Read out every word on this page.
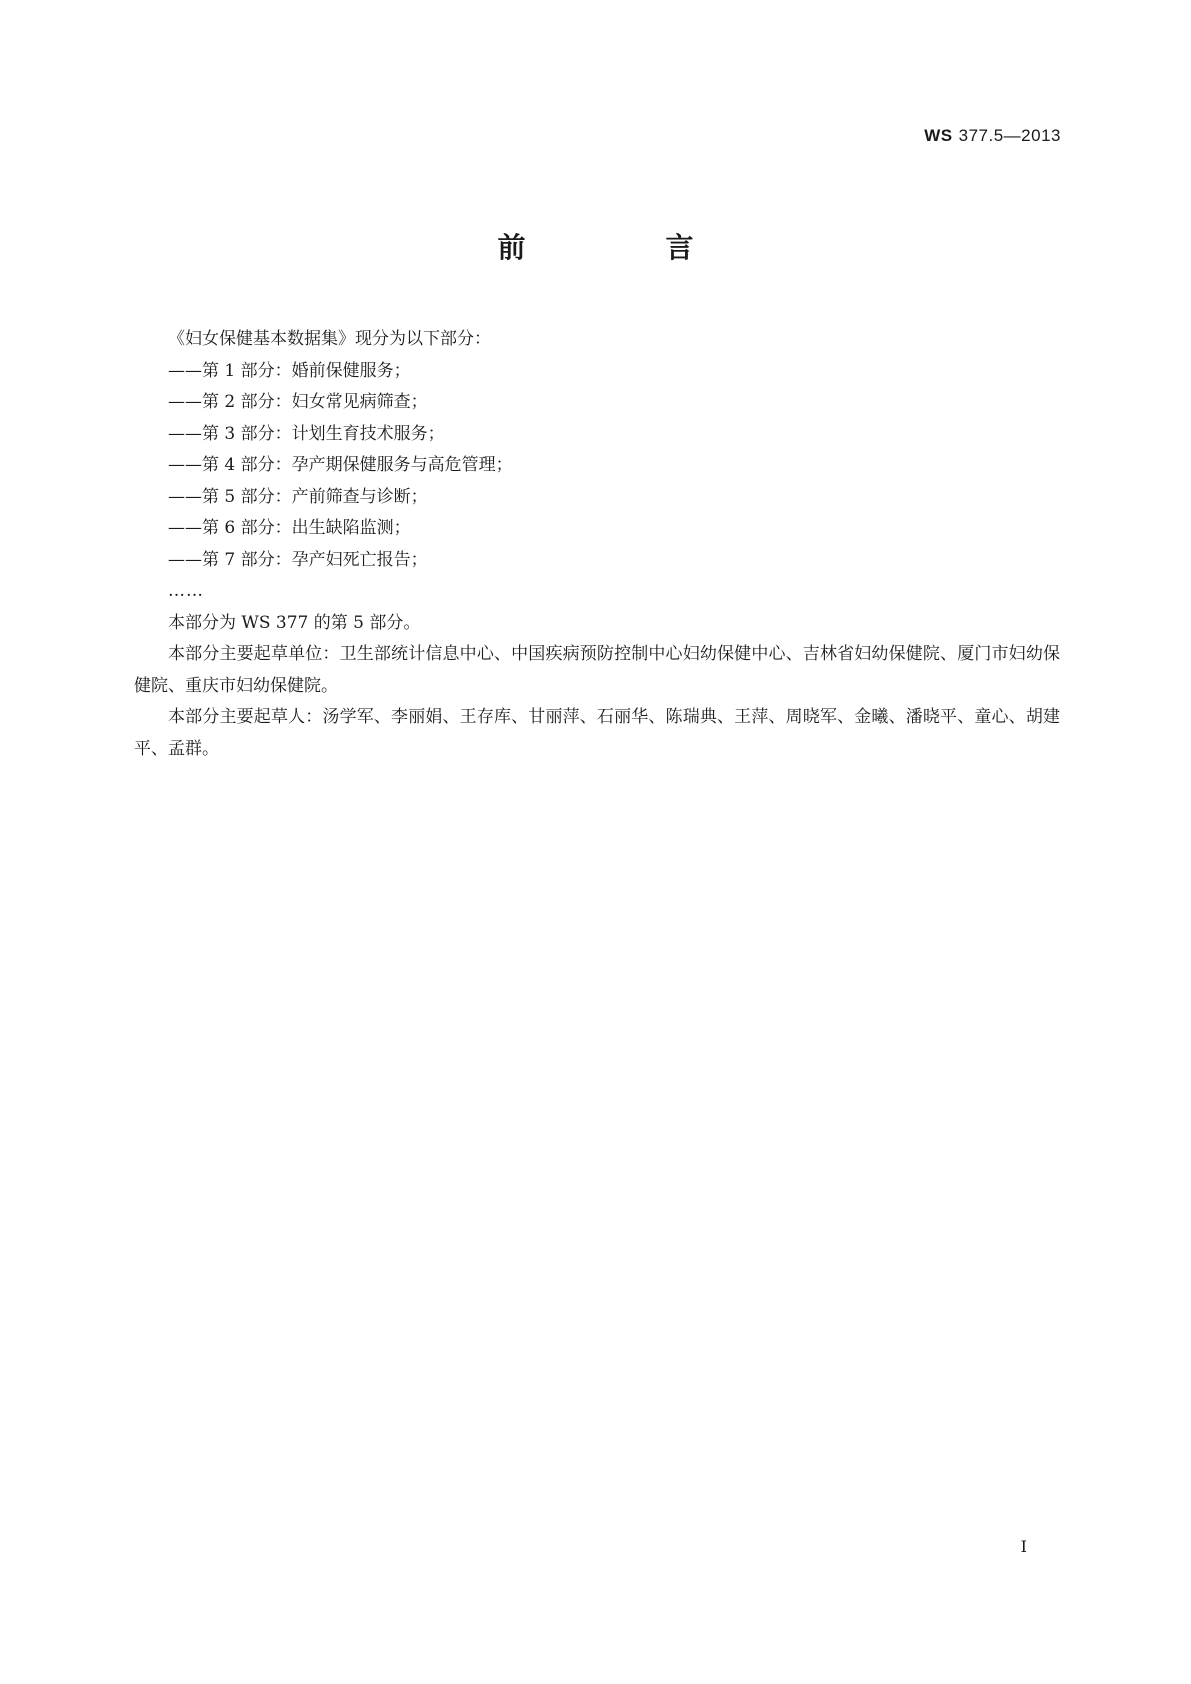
WS 377.5—2013
前　言

《妇女保健基本数据集》现分为以下部分：

——第 1 部分：婚前保健服务；
——第 2 部分：妇女常见病筛查；
——第 3 部分：计划生育技术服务；
——第 4 部分：孕产期保健服务与高危管理；
——第 5 部分：产前筛查与诊断；
——第 6 部分：出生缺陷监测；
——第 7 部分：孕产妇死亡报告；
……

本部分为 WS 377 的第 5 部分。

本部分主要起草单位：卫生部统计信息中心、中国疾病预防控制中心妇幼保健中心、吉林省妇幼保健院、厦门市妇幼保健院、重庆市妇幼保健院。

本部分主要起草人：汤学军、李丽娟、王存库、甘丽萍、石丽华、陈瑞典、王萍、周晓军、金曦、潘晓平、童心、胡建平、孟群。

I
